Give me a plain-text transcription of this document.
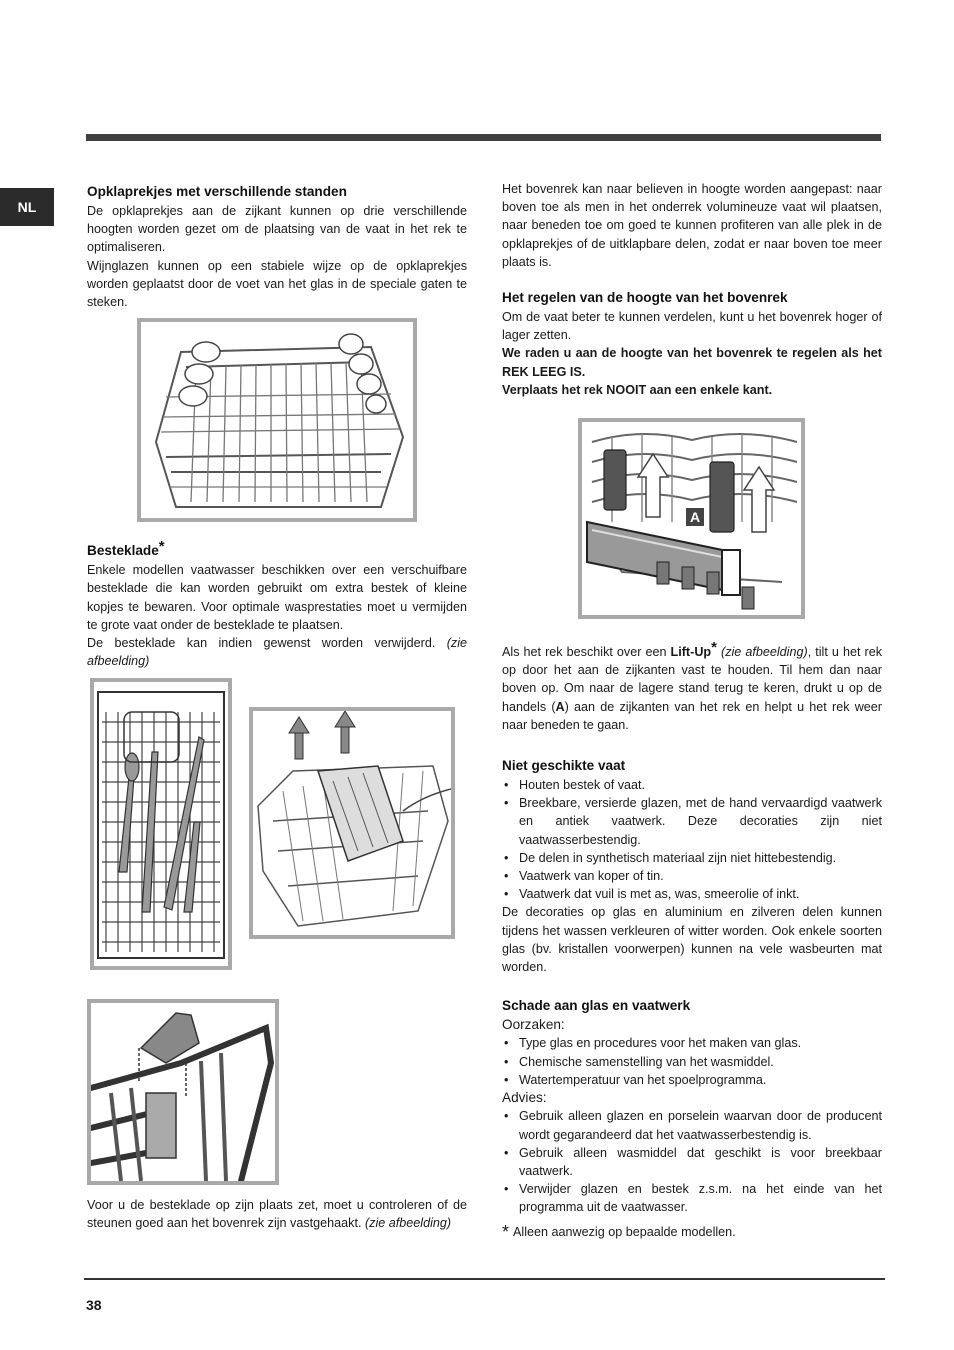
NL

Opklaprekjes met verschillende standen

De opklaprekjes aan de zijkant kunnen op drie verschillende hoogten worden gezet om de plaatsing van de vaat in het rek te optimaliseren.

Wijnglazen kunnen op een stabiele wijze op de opklaprekjes worden geplaatst door de voet van het glas in de speciale gaten te steken.

Besteklade*

Enkele modellen vaatwasser beschikken over een verschuifbare besteklade die kan worden gebruikt om extra bestek of kleine kopjes te bewaren. Voor optimale wasprestaties moet u vermijden te grote vaat onder de besteklade te plaatsen.

De besteklade kan indien gewenst worden verwijderd. (zie afbeelding)

Voor u de besteklade op zijn plaats zet, moet u controleren of de steunen goed aan het bovenrek zijn vastgehaakt. (zie afbeelding)

Het bovenrek kan naar believen in hoogte worden aangepast: naar boven toe als men in het onderrek volumineuze vaat wil plaatsen, naar beneden toe om goed te kunnen profiteren van alle plek in de opklaprekjes of de uitklapbare delen, zodat er naar boven toe meer plaats is.

Het regelen van de hoogte van het bovenrek

Om de vaat beter te kunnen verdelen, kunt u het bovenrek hoger of lager zetten.

We raden u aan de hoogte van het bovenrek te regelen als het REK LEEG IS.

Verplaats het rek NOOIT aan een enkele kant.

Als het rek beschikt over een Lift-Up* (zie afbeelding), tilt u het rek op door het aan de zijkanten vast te houden. Til hem dan naar boven op. Om naar de lagere stand terug te keren, drukt u op de handels (A) aan de zijkanten van het rek en helpt u het rek weer naar beneden te gaan.

Niet geschikte vaat

• Houten bestek of vaat.
• Breekbare, versierde glazen, met de hand vervaardigd vaatwerk en antiek vaatwerk. Deze decoraties zijn niet vaatwasserbestendig.
• De delen in synthetisch materiaal zijn niet hittebestendig.
• Vaatwerk van koper of tin.
• Vaatwerk dat vuil is met as, was, smeerolie of inkt.

De decoraties op glas en aluminium en zilveren delen kunnen tijdens het wassen verkleuren of witter worden. Ook enkele soorten glas (bv. kristallen voorwerpen) kunnen na vele wasbeurten mat worden.

Schade aan glas en vaatwerk

Oorzaken:

• Type glas en procedures voor het maken van glas.
• Chemische samenstelling van het wasmiddel.
• Watertemperatuur van het spoelprogramma.

Advies:

• Gebruik alleen glazen en porselein waarvan door de producent wordt gegarandeerd dat het vaatwasserbestendig is.
• Gebruik alleen wasmiddel dat geschikt is voor breekbaar vaatwerk.
• Verwijder glazen en bestek z.s.m. na het einde van het programma uit de vaatwasser.

* Alleen aanwezig op bepaalde modellen.

A
38
